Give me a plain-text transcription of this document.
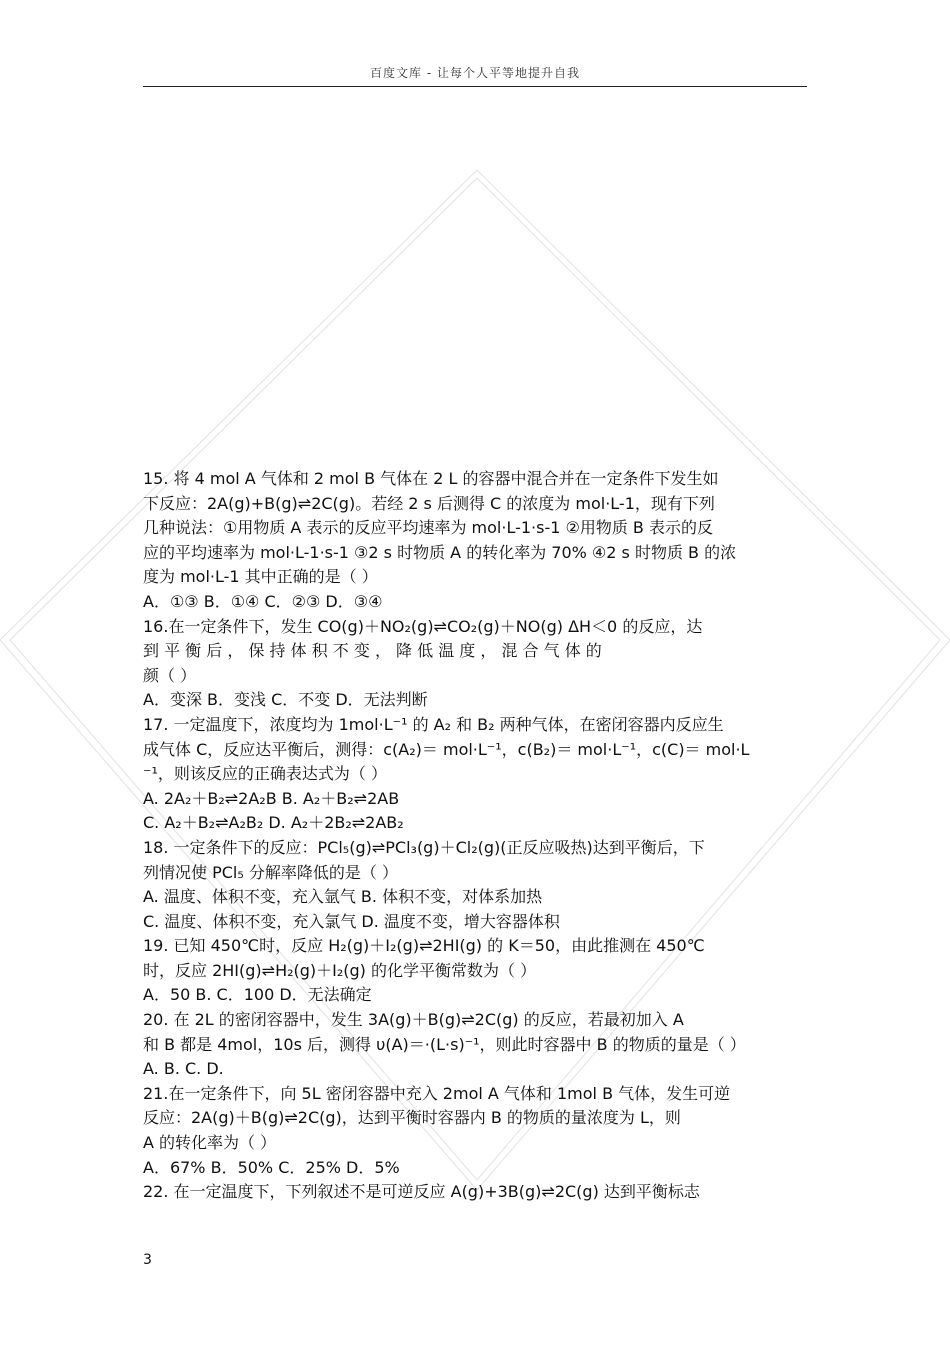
百度文库 - 让每个人平等地提升自我
15. 将 4 mol A 气体和 2 mol B 气体在 2 L 的容器中混合并在一定条件下发生如
下反应：2A(g)+B(g)⇌2C(g)。若经 2 s 后测得 C 的浓度为 mol·L-1，现有下列
几种说法：①用物质 A 表示的反应平均速率为 mol·L-1·s-1 ②用物质 B 表示的反
应的平均速率为 mol·L-1·s-1 ③2 s 时物质 A 的转化率为 70% ④2 s 时物质 B 的浓
度为 mol·L-1 其中正确的是（ ）
A．①③ B．①④ C．②③ D．③④
16.在一定条件下，发生 CO(g)＋NO₂(g)⇌CO₂(g)＋NO(g) ΔH＜0 的反应，达
到 平 衡 后 ， 保 持 体 积 不 变 ， 降 低 温 度 ， 混 合 气 体 的
颜（ ）
A．变深 B．变浅 C．不变 D．无法判断
17. 一定温度下，浓度均为 1mol·L⁻¹ 的 A₂ 和 B₂ 两种气体，在密闭容器内反应生
成气体 C，反应达平衡后，测得：c(A₂)＝ mol·L⁻¹，c(B₂)＝ mol·L⁻¹，c(C)＝ mol·L
⁻¹，则该反应的正确表达式为（ ）
A. 2A₂＋B₂⇌2A₂B B. A₂＋B₂⇌2AB
C. A₂＋B₂⇌A₂B₂ D. A₂＋2B₂⇌2AB₂
18. 一定条件下的反应：PCl₅(g)⇌PCl₃(g)＋Cl₂(g)(正反应吸热)达到平衡后，下
列情况使 PCl₅ 分解率降低的是（ ）
A. 温度、体积不变，充入氩气 B. 体积不变，对体系加热
C. 温度、体积不变，充入氯气 D. 温度不变，增大容器体积
19. 已知 450℃时，反应 H₂(g)＋I₂(g)⇌2HI(g) 的 K＝50，由此推测在 450℃
时，反应 2HI(g)⇌H₂(g)＋I₂(g) 的化学平衡常数为（ ）
A．50 B. C．100 D．无法确定
20. 在 2L 的密闭容器中，发生 3A(g)＋B(g)⇌2C(g) 的反应，若最初加入 A
和 B 都是 4mol，10s 后，测得 υ(A)＝·(L·s)⁻¹，则此时容器中 B 的物质的量是（ ）
A. B. C. D.
21.在一定条件下，向 5L 密闭容器中充入 2mol A 气体和 1mol B 气体，发生可逆
反应：2A(g)＋B(g)⇌2C(g)，达到平衡时容器内 B 的物质的量浓度为 L，则
A 的转化率为（ ）
A．67% B．50% C．25% D．5%
22. 在一定温度下，下列叙述不是可逆反应 A(g)+3B(g)⇌2C(g) 达到平衡标志
3
